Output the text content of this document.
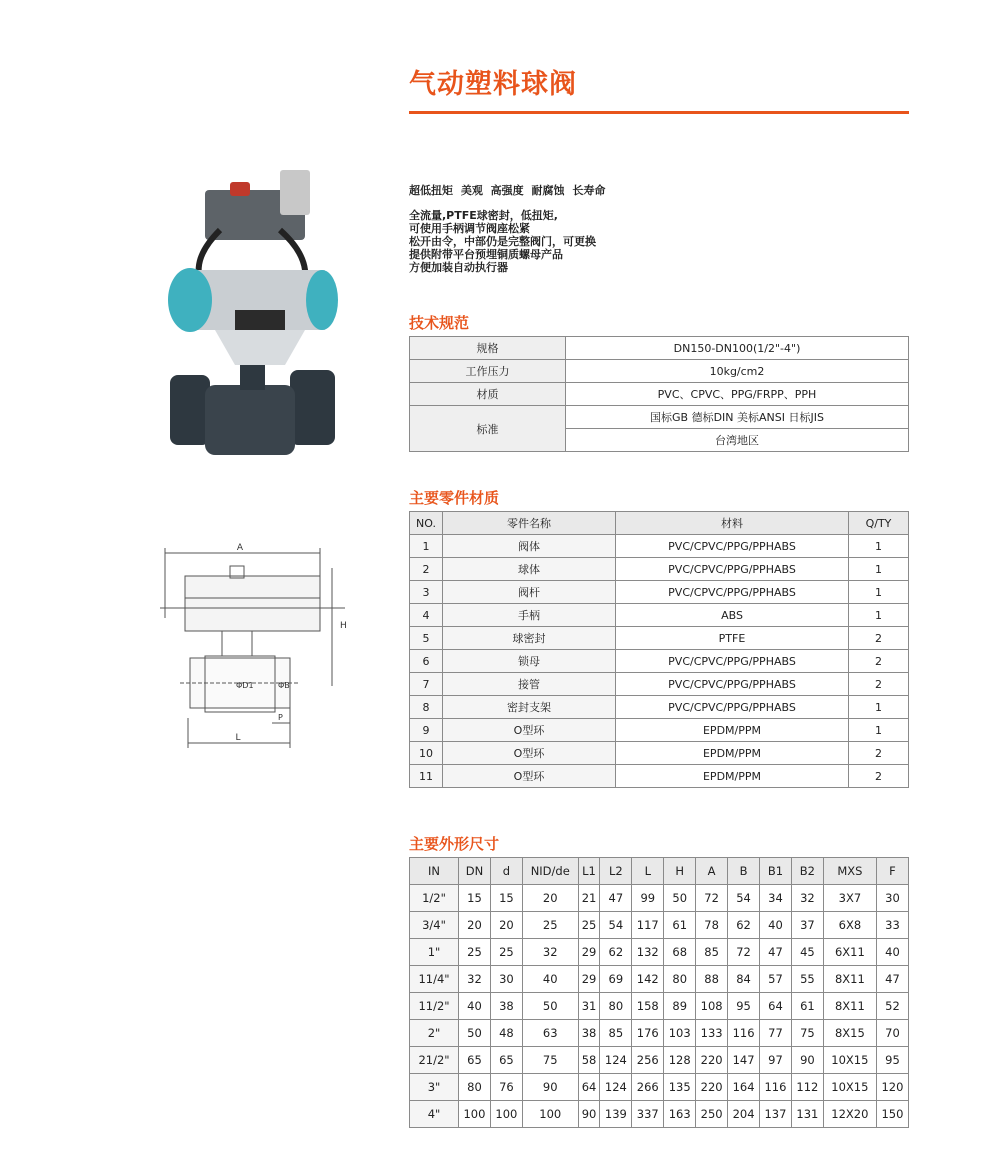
气动塑料球阀
A
H
ΦB
ΦD1
P
L
超低扭矩 美观 高强度 耐腐蚀 长寿命
全流量,PTFE球密封，低扭矩,
可使用手柄调节阀座松紧
松开由令，中部仍是完整阀门，可更换
提供附带平台预埋铜质螺母产品
方便加装自动执行器
技术规范
规格	DN150-DN100(1/2"-4")
工作压力	10kg/cm2
材质	PVC、CPVC、PPG/FRPP、PPH
标准	国标GB 德标DIN 美标ANSI 日标JIS
	台湾地区
主要零件材质
NO.	零件名称	材料	Q/TY
1	阀体	PVC/CPVC/PPG/PPHABS	1
2	球体	PVC/CPVC/PPG/PPHABS	1
3	阀杆	PVC/CPVC/PPG/PPHABS	1
4	手柄	ABS	1
5	球密封	PTFE	2
6	锁母	PVC/CPVC/PPG/PPHABS	2
7	接管	PVC/CPVC/PPG/PPHABS	2
8	密封支架	PVC/CPVC/PPG/PPHABS	1
9	O型环	EPDM/PPM	1
10	O型环	EPDM/PPM	2
11	O型环	EPDM/PPM	2
主要外形尺寸
IN	DN	d	NID/de	L1	L2	L	H	A	B	B1	B2	MXS	F
1/2"	15	15	20	21	47	99	50	72	54	34	32	3X7	30
3/4"	20	20	25	25	54	117	61	78	62	40	37	6X8	33
1"	25	25	32	29	62	132	68	85	72	47	45	6X11	40
11/4"	32	30	40	29	69	142	80	88	84	57	55	8X11	47
11/2"	40	38	50	31	80	158	89	108	95	64	61	8X11	52
2"	50	48	63	38	85	176	103	133	116	77	75	8X15	70
21/2"	65	65	75	58	124	256	128	220	147	97	90	10X15	95
3"	80	76	90	64	124	266	135	220	164	116	112	10X15	120
4"	100	100	100	90	139	337	163	250	204	137	131	12X20	150
